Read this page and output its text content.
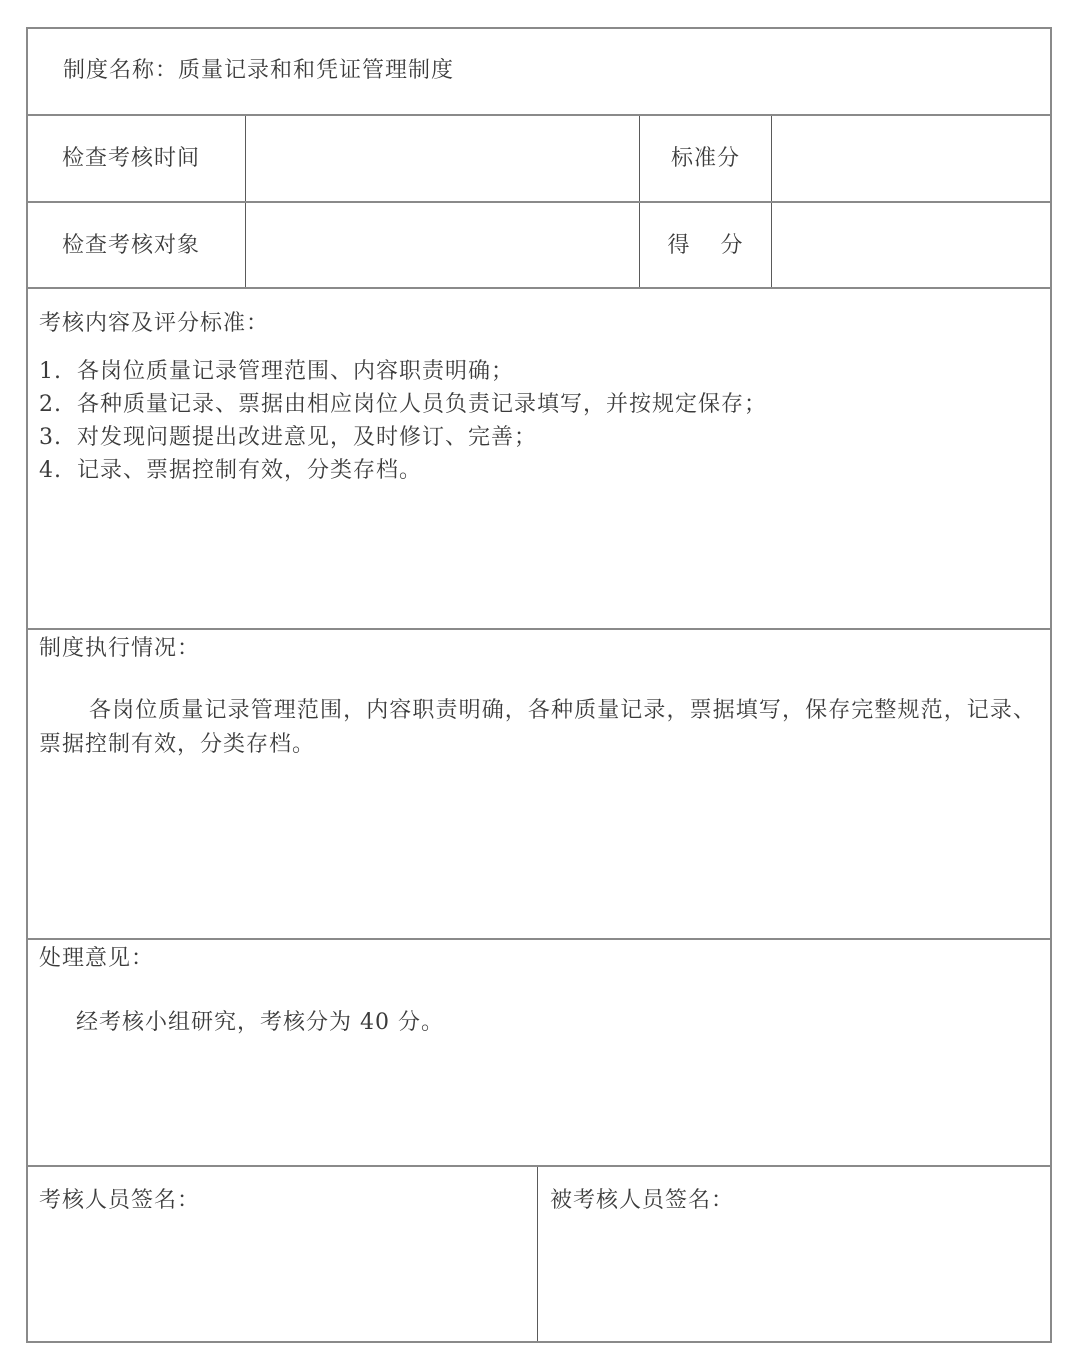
制度名称：质量记录和和凭证管理制度
检查考核时间	标准分
检查考核对象	得 分
考核内容及评分标准：
1. 各岗位质量记录管理范围、内容职责明确；
2. 各种质量记录、票据由相应岗位人员负责记录填写，并按规定保存；
3. 对发现问题提出改进意见，及时修订、完善；
4. 记录、票据控制有效，分类存档。
制度执行情况：
各岗位质量记录管理范围，内容职责明确，各种质量记录，票据填写，保存完整规范，记录、票据控制有效，分类存档。
处理意见：
经考核小组研究，考核分为 40 分。
考核人员签名：	被考核人员签名：
